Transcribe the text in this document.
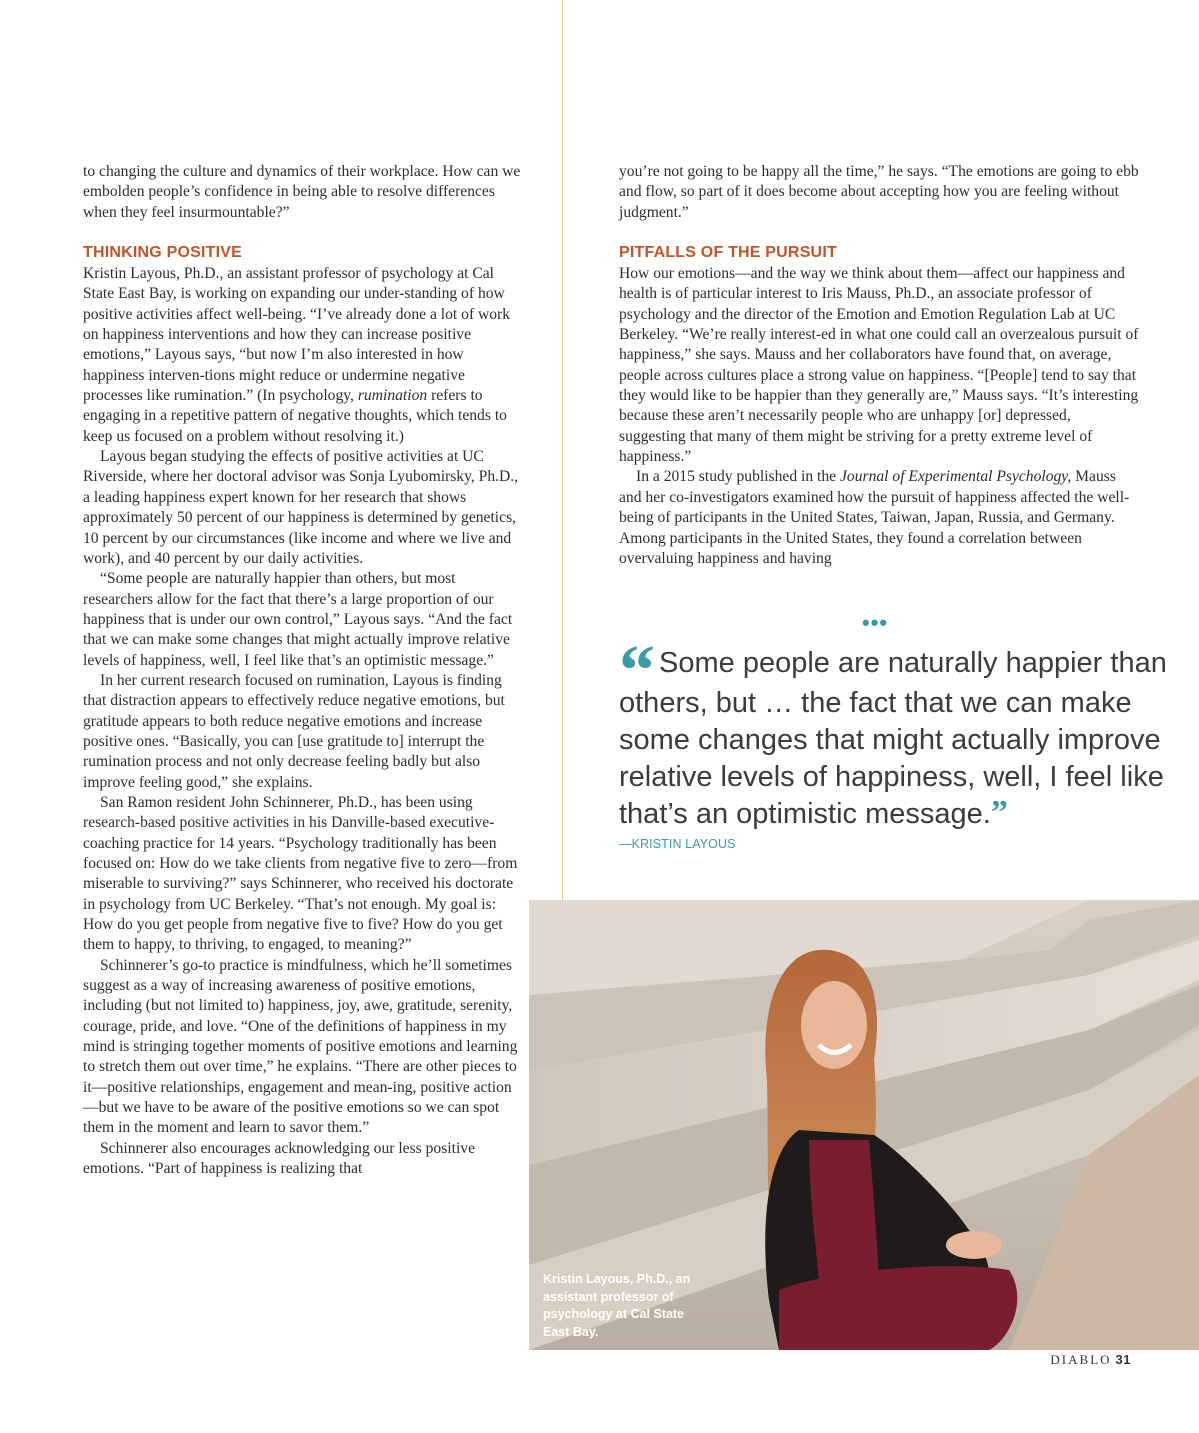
to changing the culture and dynamics of their workplace. How can we embolden people’s confidence in being able to resolve differences when they feel insurmountable?”

THINKING POSITIVE

Kristin Layous, Ph.D., an assistant professor of psychology at Cal State East Bay, is working on expanding our under-standing of how positive activities affect well-being. “I’ve already done a lot of work on happiness interventions and how they can increase positive emotions,” Layous says, “but now I’m also interested in how happiness interven-tions might reduce or undermine negative processes like rumination.” (In psychology, rumination refers to engaging in a repetitive pattern of negative thoughts, which tends to keep us focused on a problem without resolving it.)

Layous began studying the effects of positive activities at UC Riverside, where her doctoral advisor was Sonja Lyubomirsky, Ph.D., a leading happiness expert known for her research that shows approximately 50 percent of our happiness is determined by genetics, 10 percent by our circumstances (like income and where we live and work), and 40 percent by our daily activities.

“Some people are naturally happier than others, but most researchers allow for the fact that there’s a large proportion of our happiness that is under our own control,” Layous says. “And the fact that we can make some changes that might actually improve relative levels of happiness, well, I feel like that’s an optimistic message.”

In her current research focused on rumination, Layous is finding that distraction appears to effectively reduce negative emotions, but gratitude appears to both reduce negative emotions and increase positive ones. “Basically, you can [use gratitude to] interrupt the rumination process and not only decrease feeling badly but also improve feeling good,” she explains.

San Ramon resident John Schinnerer, Ph.D., has been using research-based positive activities in his Danville-based executive-coaching practice for 14 years. “Psychology traditionally has been focused on: How do we take clients from negative five to zero—from miserable to surviving?” says Schinnerer, who received his doctorate in psychology from UC Berkeley. “That’s not enough. My goal is: How do you get people from negative five to five? How do you get them to happy, to thriving, to engaged, to meaning?”

Schinnerer’s go-to practice is mindfulness, which he’ll sometimes suggest as a way of increasing awareness of positive emotions, including (but not limited to) happiness, joy, awe, gratitude, serenity, courage, pride, and love. “One of the definitions of happiness in my mind is stringing together moments of positive emotions and learning to stretch them out over time,” he explains. “There are other pieces to it—positive relationships, engagement and mean-ing, positive action—but we have to be aware of the positive emotions so we can spot them in the moment and learn to savor them.”

Schinnerer also encourages acknowledging our less positive emotions. “Part of happiness is realizing that

you’re not going to be happy all the time,” he says. “The emotions are going to ebb and flow, so part of it does become about accepting how you are feeling without judgment.”

PITFALLS OF THE PURSUIT

How our emotions—and the way we think about them—affect our happiness and health is of particular interest to Iris Mauss, Ph.D., an associate professor of psychology and the director of the Emotion and Emotion Regulation Lab at UC Berkeley. “We’re really interest-ed in what one could call an overzealous pursuit of happiness,” she says. Mauss and her collaborators have found that, on average, people across cultures place a strong value on happiness. “[People] tend to say that they would like to be happier than they generally are,” Mauss says. “It’s interesting because these aren’t necessarily people who are unhappy [or] depressed, suggesting that many of them might be striving for a pretty extreme level of happiness.”

In a 2015 study published in the Journal of Experimental Psychology, Mauss and her co-investigators examined how the pursuit of happiness affected the well-being of participants in the United States, Taiwan, Japan, Russia, and Germany. Among participants in the United States, they found a correlation between overvaluing happiness and having

•••
“ Some people are naturally happier than others, but … the fact that we can make some changes that might actually improve relative levels of happiness, well, I feel like that’s an optimistic message.”
—KRISTIN LAYOUS
Kristin Layous, Ph.D., an assistant professor of psychology at Cal State East Bay.
DIABLO 31
